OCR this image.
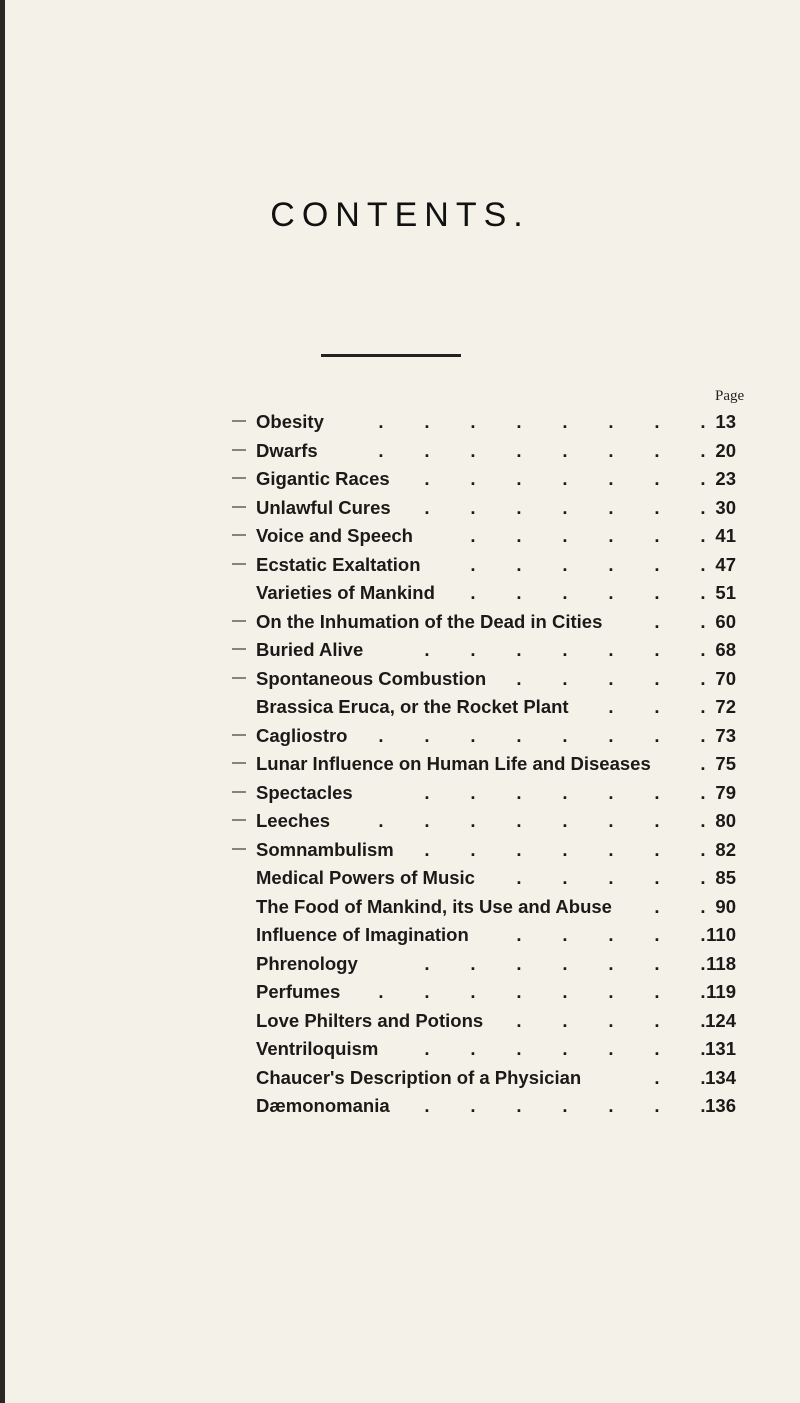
CONTENTS.
Page
Obesity	. . . . . . . . 13
Dwarfs	. . . . . . . . 20
Gigantic Races	. . . . . . . 23
Unlawful Cures	. . . . . . . 30
Voice and Speech	. . . . . . 41
Ecstatic Exaltation	. . . . . . 47
Varieties of Mankind	. . . . . . 51
On the Inhumation of the Dead in Cities	. . 60
Buried Alive	. . . . . . . 68
Spontaneous Combustion	. . . . . 70
Brassica Eruca, or the Rocket Plant	. . . 72
Cagliostro	. . . . . . . . 73
Lunar Influence on Human Life and Diseases	. 75
Spectacles	. . . . . . . 79
Leeches	. . . . . . . . 80
Somnambulism	. . . . . . . 82
Medical Powers of Music	. . . . . 85
The Food of Mankind, its Use and Abuse	. . 90
Influence of Imagination	. . . . . 110
Phrenology	. . . . . . . 118
Perfumes	. . . . . . . . 119
Love Philters and Potions	. . . . . 124
Ventriloquism	. . . . . . . 131
Chaucer's Description of a Physician	. . 134
Dæmonomania	. . . . . . . 136
